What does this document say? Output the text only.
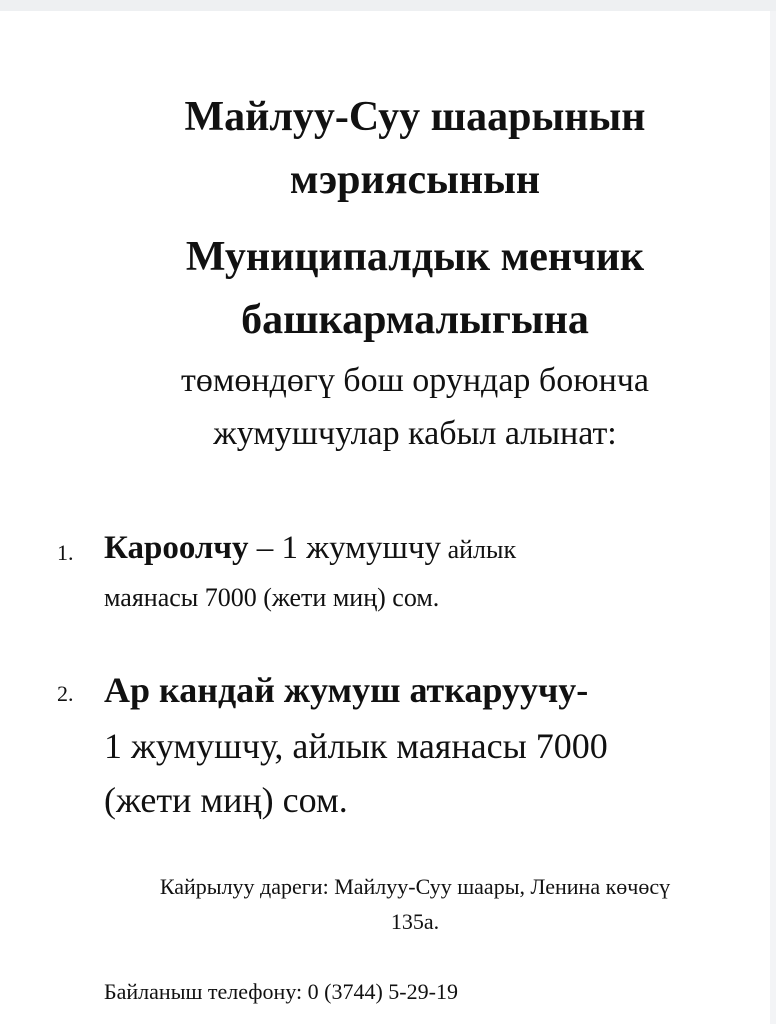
Майлуу-Суу шаарынын
мэриясынын
Муниципалдык менчик
башкармалыгына

төмөндөгү бош орундар боюнча

жумушчулар кабыл алынат:

1. Кароолчу – 1 жумушчу айлык

маянасы 7000 (жети миң) сом.

2. Ар кандай жумуш аткаруучу-

1 жумушчу, айлык маянасы 7000

(жети миң) сом.

Кайрылуу дареги: Майлуу-Суу шаары, Ленина көчөсү

135а.

Байланыш телефону: 0 (3744) 5-29-19
